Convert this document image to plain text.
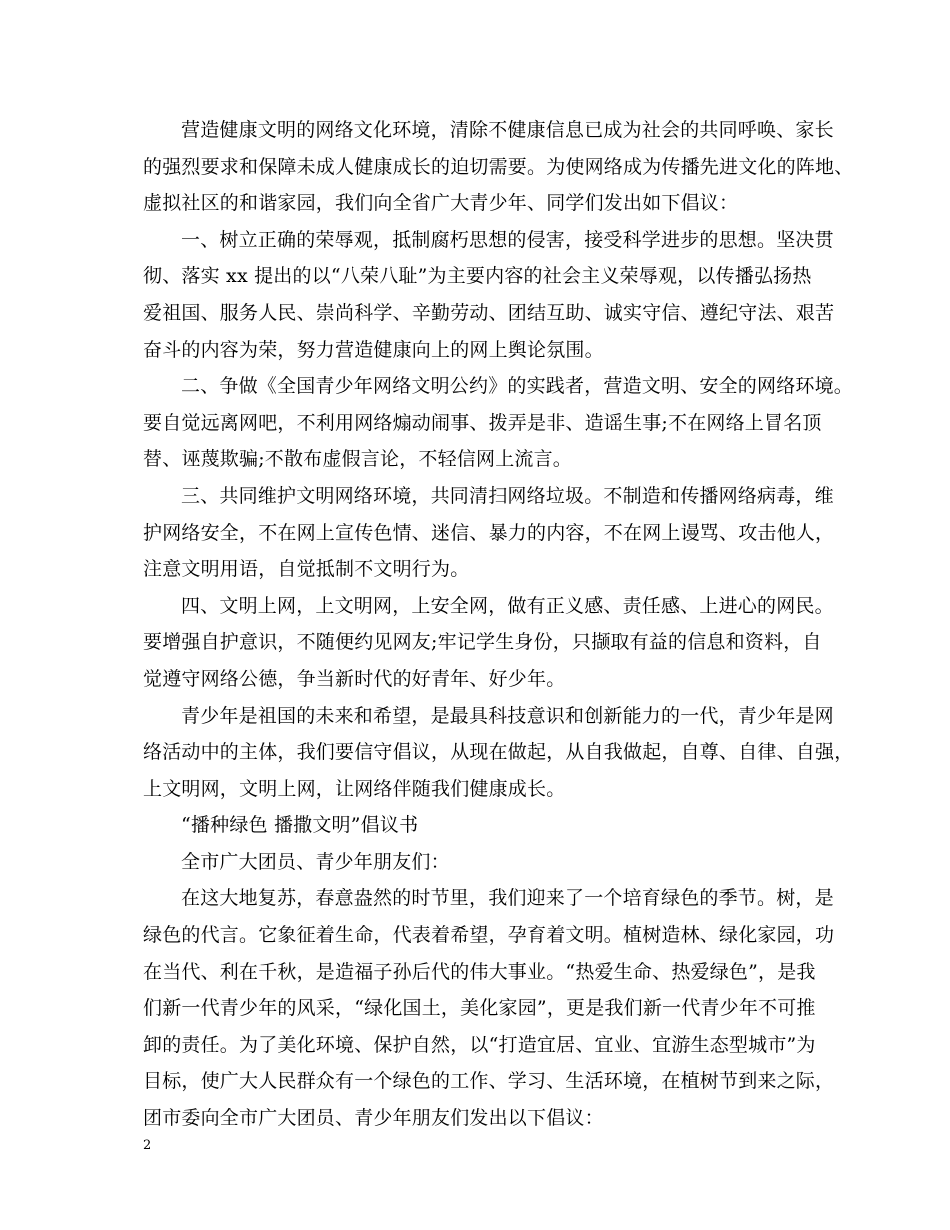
营造健康文明的网络文化环境，清除不健康信息已成为社会的共同呼唤、家长
的强烈要求和保障未成人健康成长的迫切需要。为使网络成为传播先进文化的阵地、
虚拟社区的和谐家园，我们向全省广大青少年、同学们发出如下倡议：

一、树立正确的荣辱观，抵制腐朽思想的侵害，接受科学进步的思想。坚决贯
彻、落实 xx 提出的以“八荣八耻”为主要内容的社会主义荣辱观，以传播弘扬热
爱祖国、服务人民、崇尚科学、辛勤劳动、团结互助、诚实守信、遵纪守法、艰苦
奋斗的内容为荣，努力营造健康向上的网上舆论氛围。

二、争做《全国青少年网络文明公约》的实践者，营造文明、安全的网络环境。
要自觉远离网吧，不利用网络煽动闹事、拨弄是非、造谣生事;不在网络上冒名顶
替、诬蔑欺骗;不散布虚假言论，不轻信网上流言。

三、共同维护文明网络环境，共同清扫网络垃圾。不制造和传播网络病毒，维
护网络安全，不在网上宣传色情、迷信、暴力的内容，不在网上谩骂、攻击他人，
注意文明用语，自觉抵制不文明行为。

四、文明上网，上文明网，上安全网，做有正义感、责任感、上进心的网民。
要增强自护意识，不随便约见网友;牢记学生身份，只撷取有益的信息和资料，自
觉遵守网络公德，争当新时代的好青年、好少年。

青少年是祖国的未来和希望，是最具科技意识和创新能力的一代，青少年是网
络活动中的主体，我们要信守倡议，从现在做起，从自我做起，自尊、自律、自强，
上文明网，文明上网，让网络伴随我们健康成长。

“播种绿色 播撒文明”倡议书

全市广大团员、青少年朋友们：

在这大地复苏，春意盎然的时节里，我们迎来了一个培育绿色的季节。树，是
绿色的代言。它象征着生命，代表着希望，孕育着文明。植树造林、绿化家园，功
在当代、利在千秋，是造福子孙后代的伟大事业。“热爱生命、热爱绿色”，是我
们新一代青少年的风采，“绿化国土，美化家园”，更是我们新一代青少年不可推
卸的责任。为了美化环境、保护自然，以“打造宜居、宜业、宜游生态型城市”为
目标，使广大人民群众有一个绿色的工作、学习、生活环境，在植树节到来之际，
团市委向全市广大团员、青少年朋友们发出以下倡议：

2
